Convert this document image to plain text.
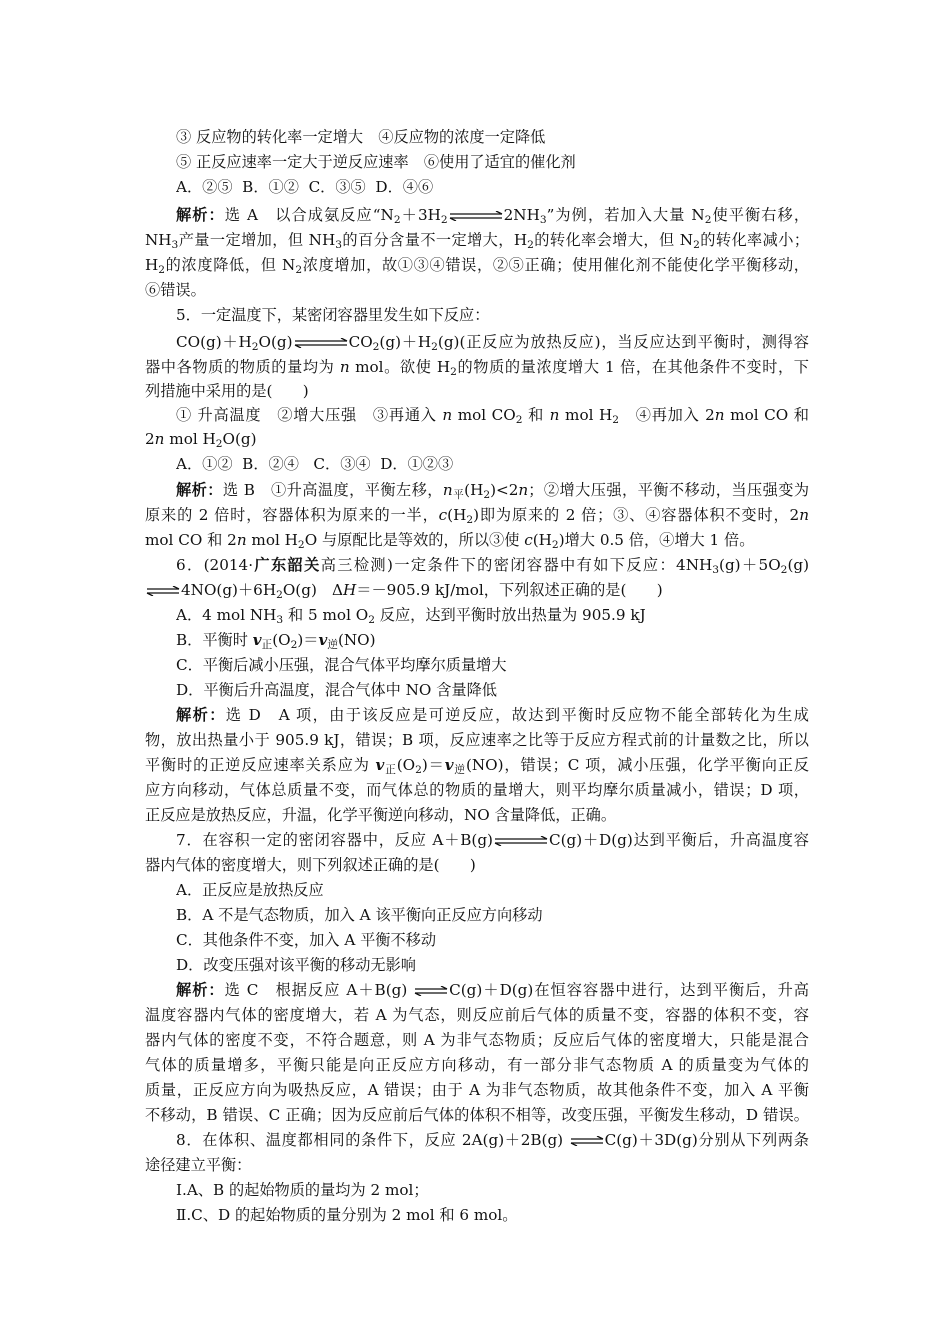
③ 反应物的转化率一定增大　④反应物的浓度一定降低
⑤ 正反应速率一定大于逆反应速率　⑥使用了适宜的催化剂
A．②⑤  B．①②  C．③⑤  D．④⑥
解析：选 A　以合成氨反应“$N_2+3H_2\rightleftharpoons 2NH_3$”为例，若加入大量 $N_2$使平衡右移，
$NH_3$产量一定增加，但 $NH_3$的百分含量不一定增大，$H_2$的转化率会增大，但 $N_2$的转化率减小；
$H_2$的浓度降低，但 $N_2$浓度增加，故①③④错误，②⑤正确；使用催化剂不能使化学平衡移动，
⑥错误。
5．一定温度下，某密闭容器里发生如下反应：
$CO(g)+H_2O(g)\rightleftharpoons CO_2(g)+H_2(g)$(正反应为放热反应)，当反应达到平衡时，测得容
器中各物质的物质的量均为 n mol。欲使 $H_2$的物质的量浓度增大 1 倍，在其他条件不变时，下
列措施中采用的是(　　)
① 升高温度　②增大压强　③再通入 n mol $CO_2$ 和 n mol $H_2$　④再加入 2n mol CO 和
2n mol $H_2O(g)$
A．①②  B．②④   C．③④  D．①②③
解析：选 B　①升高温度，平衡左移，$n_平(H_2)<2n$；②增大压强，平衡不移动，当压强变为
原来的 2 倍时，容器体积为原来的一半，$c(H_2)$即为原来的 2 倍；③、④容器体积不变时，2n
mol CO 和 2n mol $H_2O$ 与原配比是等效的，所以③使 $c(H_2)$增大 0.5 倍，④增大 1 倍。
6．(2014·广东韶关高三检测)一定条件下的密闭容器中有如下反应：$4NH_3(g)+5O_2(g)$
$\rightleftharpoons 4NO(g)+6H_2O(g)$　ΔH＝－905.9 kJ/mol，下列叙述正确的是(　　)
A．4 mol $NH_3$ 和 5 mol $O_2$ 反应，达到平衡时放出热量为 905.9 kJ
B．平衡时 $v_正(O_2)=v_逆(NO)$
C．平衡后减小压强，混合气体平均摩尔质量增大
D．平衡后升高温度，混合气体中 NO 含量降低
解析：选 D　A 项，由于该反应是可逆反应，故达到平衡时反应物不能全部转化为生成
物，放出热量小于 905.9 kJ，错误；B 项，反应速率之比等于反应方程式前的计量数之比，所以
平衡时的正逆反应速率关系应为 $v_正(O_2)=v_逆(NO)$，错误；C 项，减小压强，化学平衡向正反
应方向移动，气体总质量不变，而气体总的物质的量增大，则平均摩尔质量减小，错误；D 项，
正反应是放热反应，升温，化学平衡逆向移动，NO 含量降低，正确。
7．在容积一定的密闭容器中，反应 A＋B(g)⇌C(g)＋D(g)达到平衡后，升高温度容
器内气体的密度增大，则下列叙述正确的是(　　)
A．正反应是放热反应
B．A 不是气态物质，加入 A 该平衡向正反应方向移动
C．其他条件不变，加入 A 平衡不移动
D．改变压强对该平衡的移动无影响
解析：选 C　根据反应 A＋B(g) ⇌C(g)＋D(g)在恒容容器中进行，达到平衡后，升高
温度容器内气体的密度增大，若 A 为气态，则反应前后气体的质量不变，容器的体积不变，容
器内气体的密度不变，不符合题意，则 A 为非气态物质；反应后气体的密度增大，只能是混合
气体的质量增多，平衡只能是向正反应方向移动，有一部分非气态物质 A 的质量变为气体的
质量，正反应方向为吸热反应，A 错误；由于 A 为非气态物质，故其他条件不变，加入 A 平衡
不移动，B 错误、C 正确；因为反应前后气体的体积不相等，改变压强，平衡发生移动，D 错误。
8．在体积、温度都相同的条件下，反应 2A(g)＋2B(g) ⇌C(g)＋3D(g)分别从下列两条
途径建立平衡：
Ⅰ.A、B 的起始物质的量均为 2 mol；
Ⅱ.C、D 的起始物质的量分别为 2 mol 和 6 mol。
